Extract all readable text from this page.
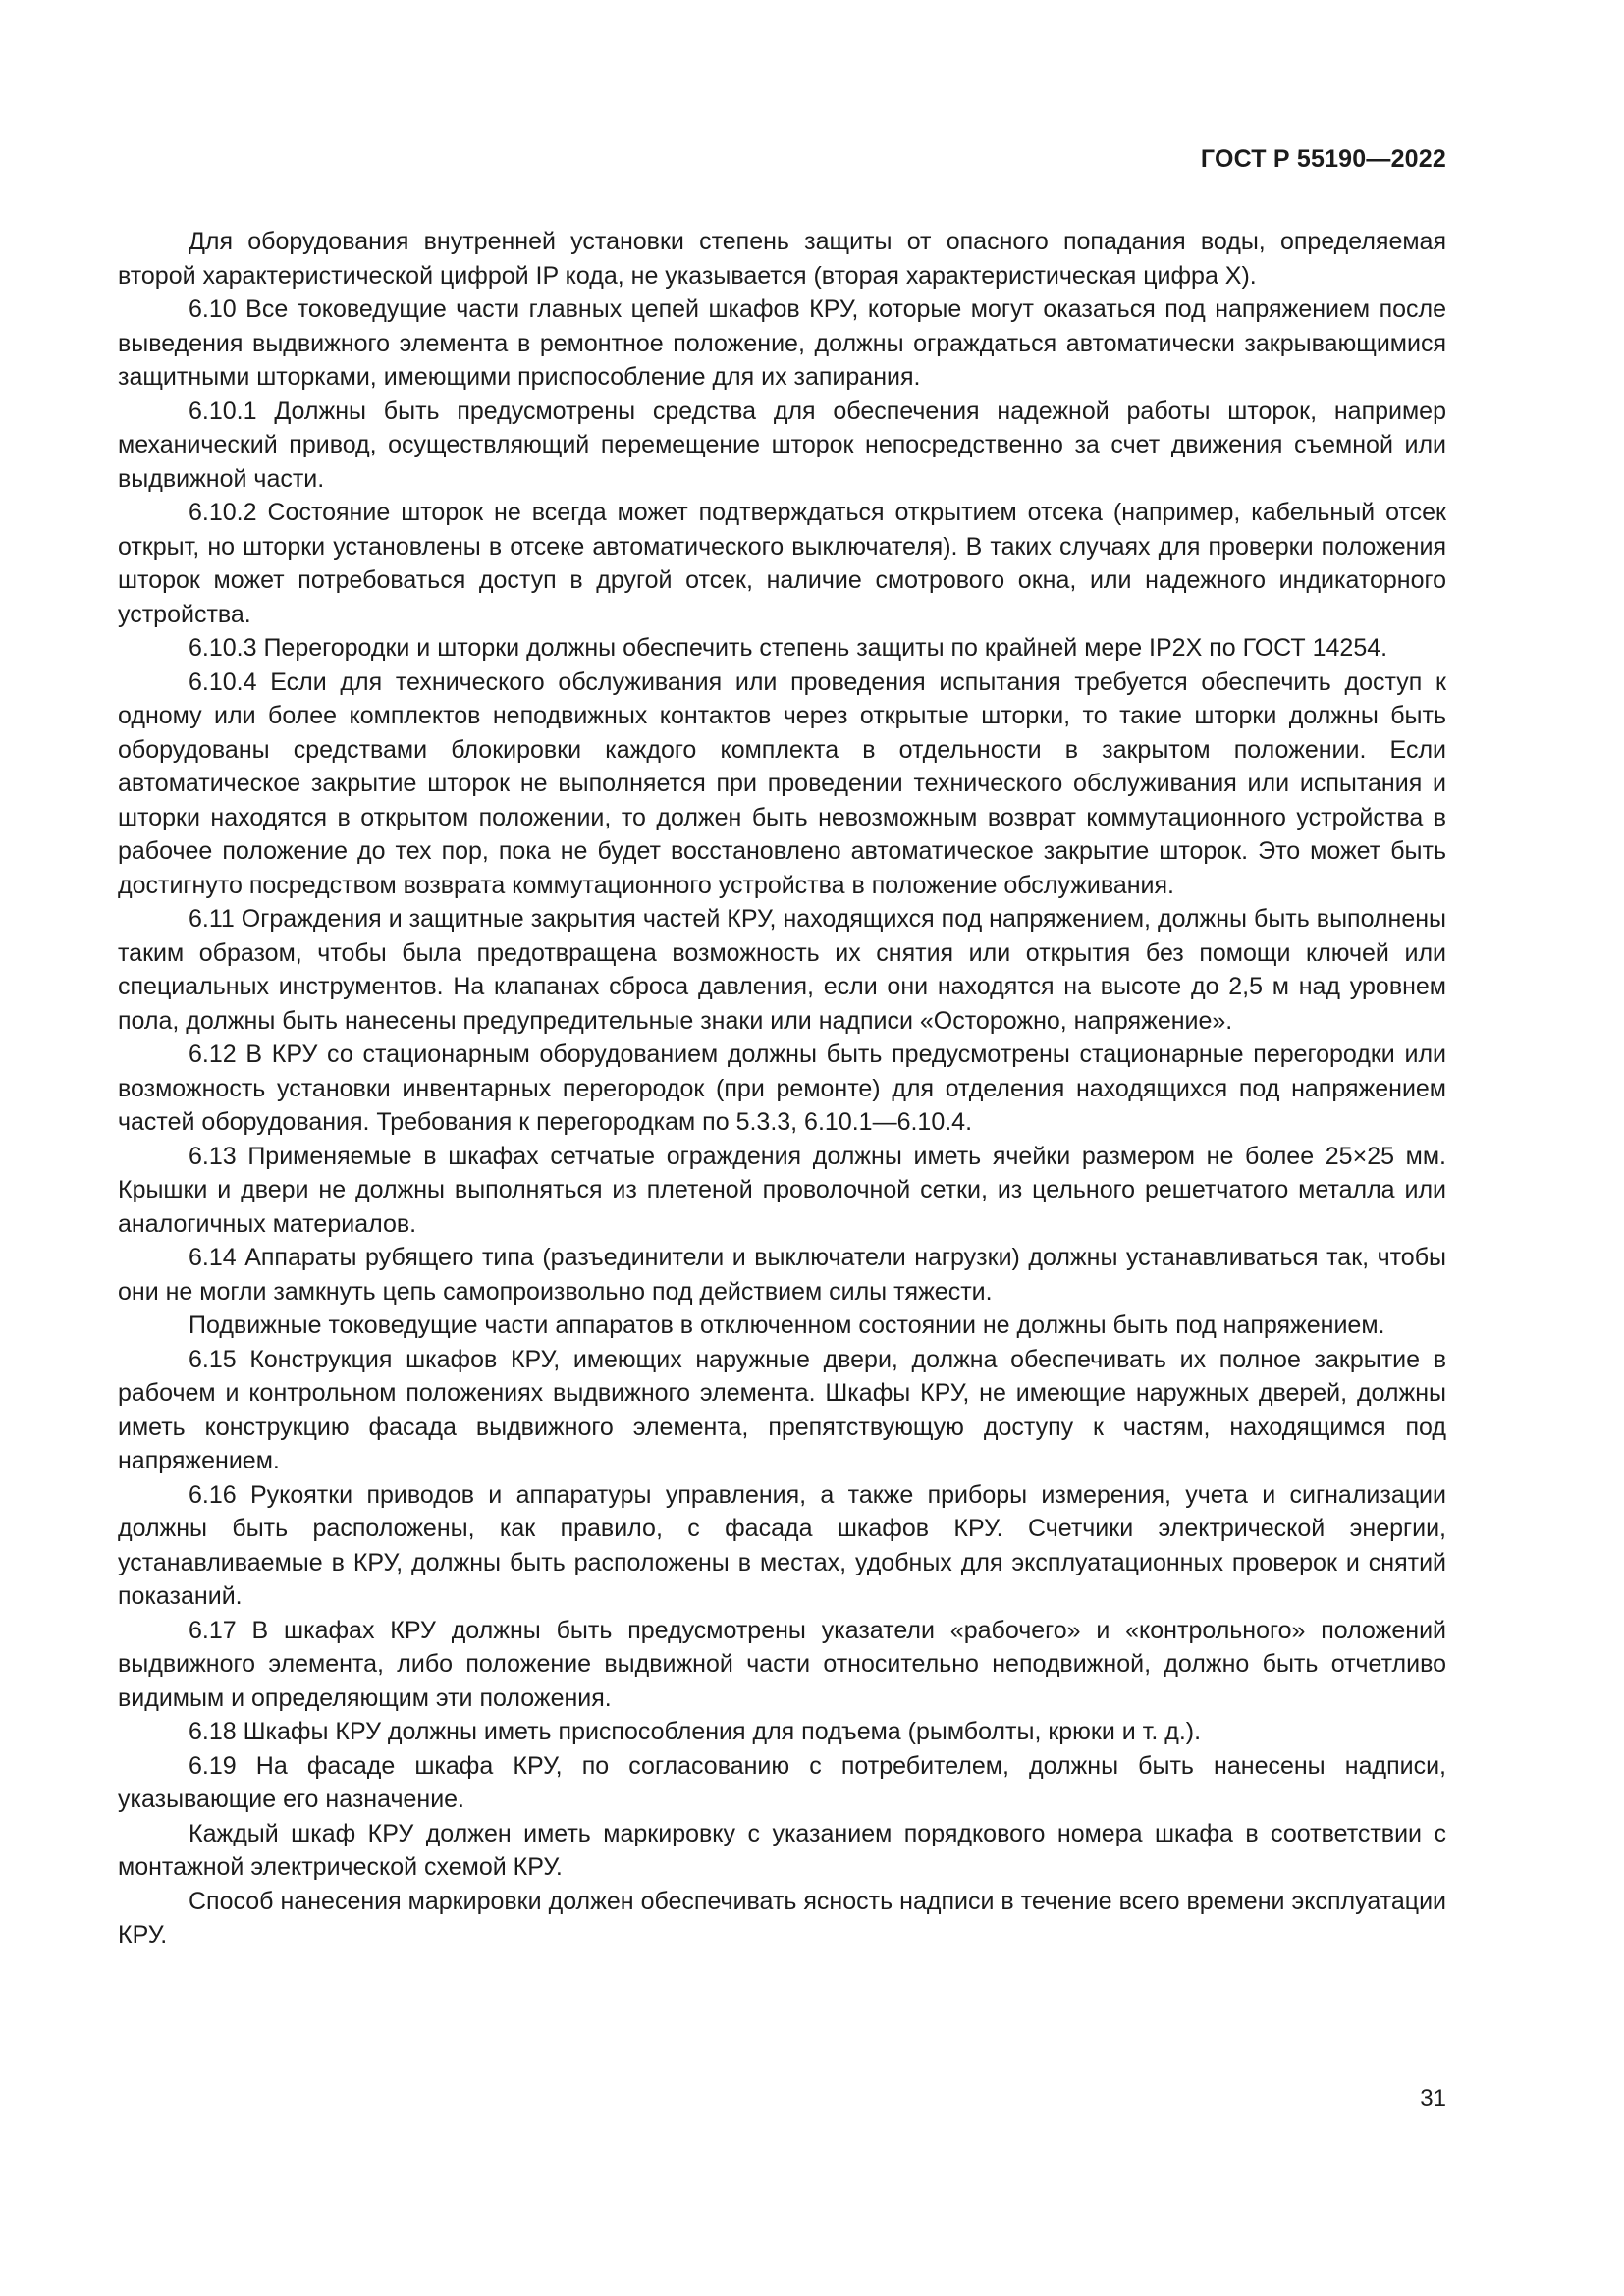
ГОСТ Р 55190—2022

Для оборудования внутренней установки степень защиты от опасного попадания воды, определяемая второй характеристической цифрой IP кода, не указывается (вторая характеристическая цифра Х).

6.10 Все токоведущие части главных цепей шкафов КРУ, которые могут оказаться под напряжением после выведения выдвижного элемента в ремонтное положение, должны ограждаться автоматически закрывающимися защитными шторками, имеющими приспособление для их запирания.

6.10.1 Должны быть предусмотрены средства для обеспечения надежной работы шторок, например механический привод, осуществляющий перемещение шторок непосредственно за счет движения съемной или выдвижной части.

6.10.2 Состояние шторок не всегда может подтверждаться открытием отсека (например, кабельный отсек открыт, но шторки установлены в отсеке автоматического выключателя). В таких случаях для проверки положения шторок может потребоваться доступ в другой отсек, наличие смотрового окна, или надежного индикаторного устройства.

6.10.3 Перегородки и шторки должны обеспечить степень защиты по крайней мере IP2X по ГОСТ 14254.

6.10.4 Если для технического обслуживания или проведения испытания требуется обеспечить доступ к одному или более комплектов неподвижных контактов через открытые шторки, то такие шторки должны быть оборудованы средствами блокировки каждого комплекта в отдельности в закрытом положении. Если автоматическое закрытие шторок не выполняется при проведении технического обслуживания или испытания и шторки находятся в открытом положении, то должен быть невозможным возврат коммутационного устройства в рабочее положение до тех пор, пока не будет восстановлено автоматическое закрытие шторок. Это может быть достигнуто посредством возврата коммутационного устройства в положение обслуживания.

6.11 Ограждения и защитные закрытия частей КРУ, находящихся под напряжением, должны быть выполнены таким образом, чтобы была предотвращена возможность их снятия или открытия без помощи ключей или специальных инструментов. На клапанах сброса давления, если они находятся на высоте до 2,5 м над уровнем пола, должны быть нанесены предупредительные знаки или надписи «Осторожно, напряжение».

6.12 В КРУ со стационарным оборудованием должны быть предусмотрены стационарные перегородки или возможность установки инвентарных перегородок (при ремонте) для отделения находящихся под напряжением частей оборудования. Требования к перегородкам по 5.3.3, 6.10.1—6.10.4.

6.13 Применяемые в шкафах сетчатые ограждения должны иметь ячейки размером не более 25×25 мм. Крышки и двери не должны выполняться из плетеной проволочной сетки, из цельного решетчатого металла или аналогичных материалов.

6.14 Аппараты рубящего типа (разъединители и выключатели нагрузки) должны устанавливаться так, чтобы они не могли замкнуть цепь самопроизвольно под действием силы тяжести.

Подвижные токоведущие части аппаратов в отключенном состоянии не должны быть под напряжением.

6.15 Конструкция шкафов КРУ, имеющих наружные двери, должна обеспечивать их полное закрытие в рабочем и контрольном положениях выдвижного элемента. Шкафы КРУ, не имеющие наружных дверей, должны иметь конструкцию фасада выдвижного элемента, препятствующую доступу к частям, находящимся под напряжением.

6.16 Рукоятки приводов и аппаратуры управления, а также приборы измерения, учета и сигнализации должны быть расположены, как правило, с фасада шкафов КРУ. Счетчики электрической энергии, устанавливаемые в КРУ, должны быть расположены в местах, удобных для эксплуатационных проверок и снятий показаний.

6.17 В шкафах КРУ должны быть предусмотрены указатели «рабочего» и «контрольного» положений выдвижного элемента, либо положение выдвижной части относительно неподвижной, должно быть отчетливо видимым и определяющим эти положения.

6.18 Шкафы КРУ должны иметь приспособления для подъема (рымболты, крюки и т. д.).

6.19 На фасаде шкафа КРУ, по согласованию с потребителем, должны быть нанесены надписи, указывающие его назначение.

Каждый шкаф КРУ должен иметь маркировку с указанием порядкового номера шкафа в соответствии с монтажной электрической схемой КРУ.

Способ нанесения маркировки должен обеспечивать ясность надписи в течение всего времени эксплуатации КРУ.

31
